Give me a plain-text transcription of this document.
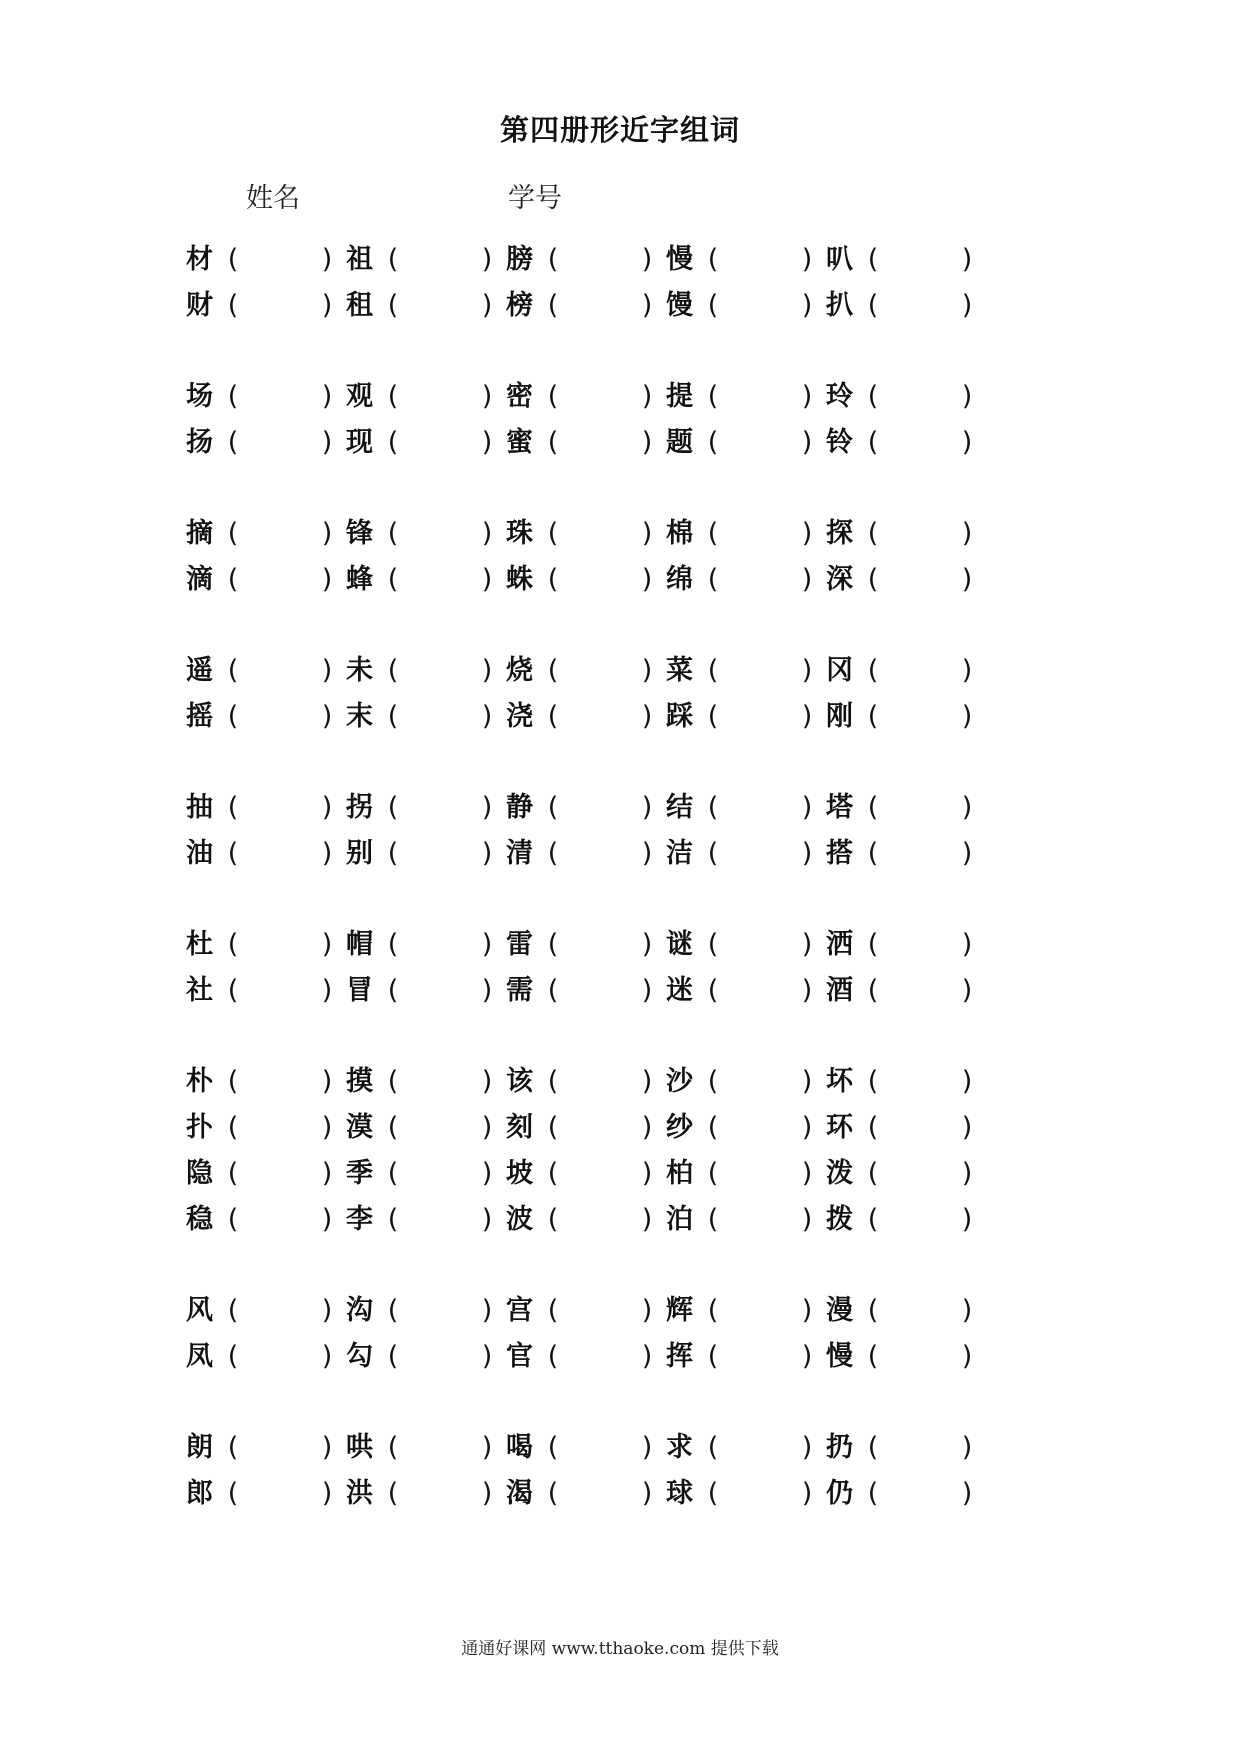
第四册形近字组词
姓名	学号
材 (	) 祖 (	) 膀 (	) 慢 (	) 叭 (	)
财 (	) 租 (	) 榜 (	) 馒 (	) 扒 (	)
场 (	) 观 (	) 密 (	) 提 (	) 玲 (	)
扬 (	) 现 (	) 蜜 (	) 题 (	) 铃 (	)
摘 (	) 锋 (	) 珠 (	) 棉 (	) 探 (	)
滴 (	) 蜂 (	) 蛛 (	) 绵 (	) 深 (	)
遥 (	) 未 (	) 烧 (	) 菜 (	) 冈 (	)
摇 (	) 末 (	) 浇 (	) 踩 (	) 刚 (	)
抽 (	) 拐 (	) 静 (	) 结 (	) 塔 (	)
油 (	) 别 (	) 清 (	) 洁 (	) 搭 (	)
杜 (	) 帽 (	) 雷 (	) 谜 (	) 洒 (	)
社 (	) 冒 (	) 需 (	) 迷 (	) 酒 (	)
朴 (	) 摸 (	) 该 (	) 沙 (	) 坏 (	)
扑 (	) 漠 (	) 刻 (	) 纱 (	) 环 (	)
隐 (	) 季 (	) 坡 (	) 柏 (	) 泼 (	)
稳 (	) 李 (	) 波 (	) 泊 (	) 拨 (	)
风 (	) 沟 (	) 宫 (	) 辉 (	) 漫 (	)
凤 (	) 勾 (	) 官 (	) 挥 (	) 慢 (	)
朗 (	) 哄 (	) 喝 (	) 求 (	) 扔 (	)
郎 (	) 洪 (	) 渴 (	) 球 (	) 仍 (	)
通通好课网 www.tthaoke.com 提供下载
